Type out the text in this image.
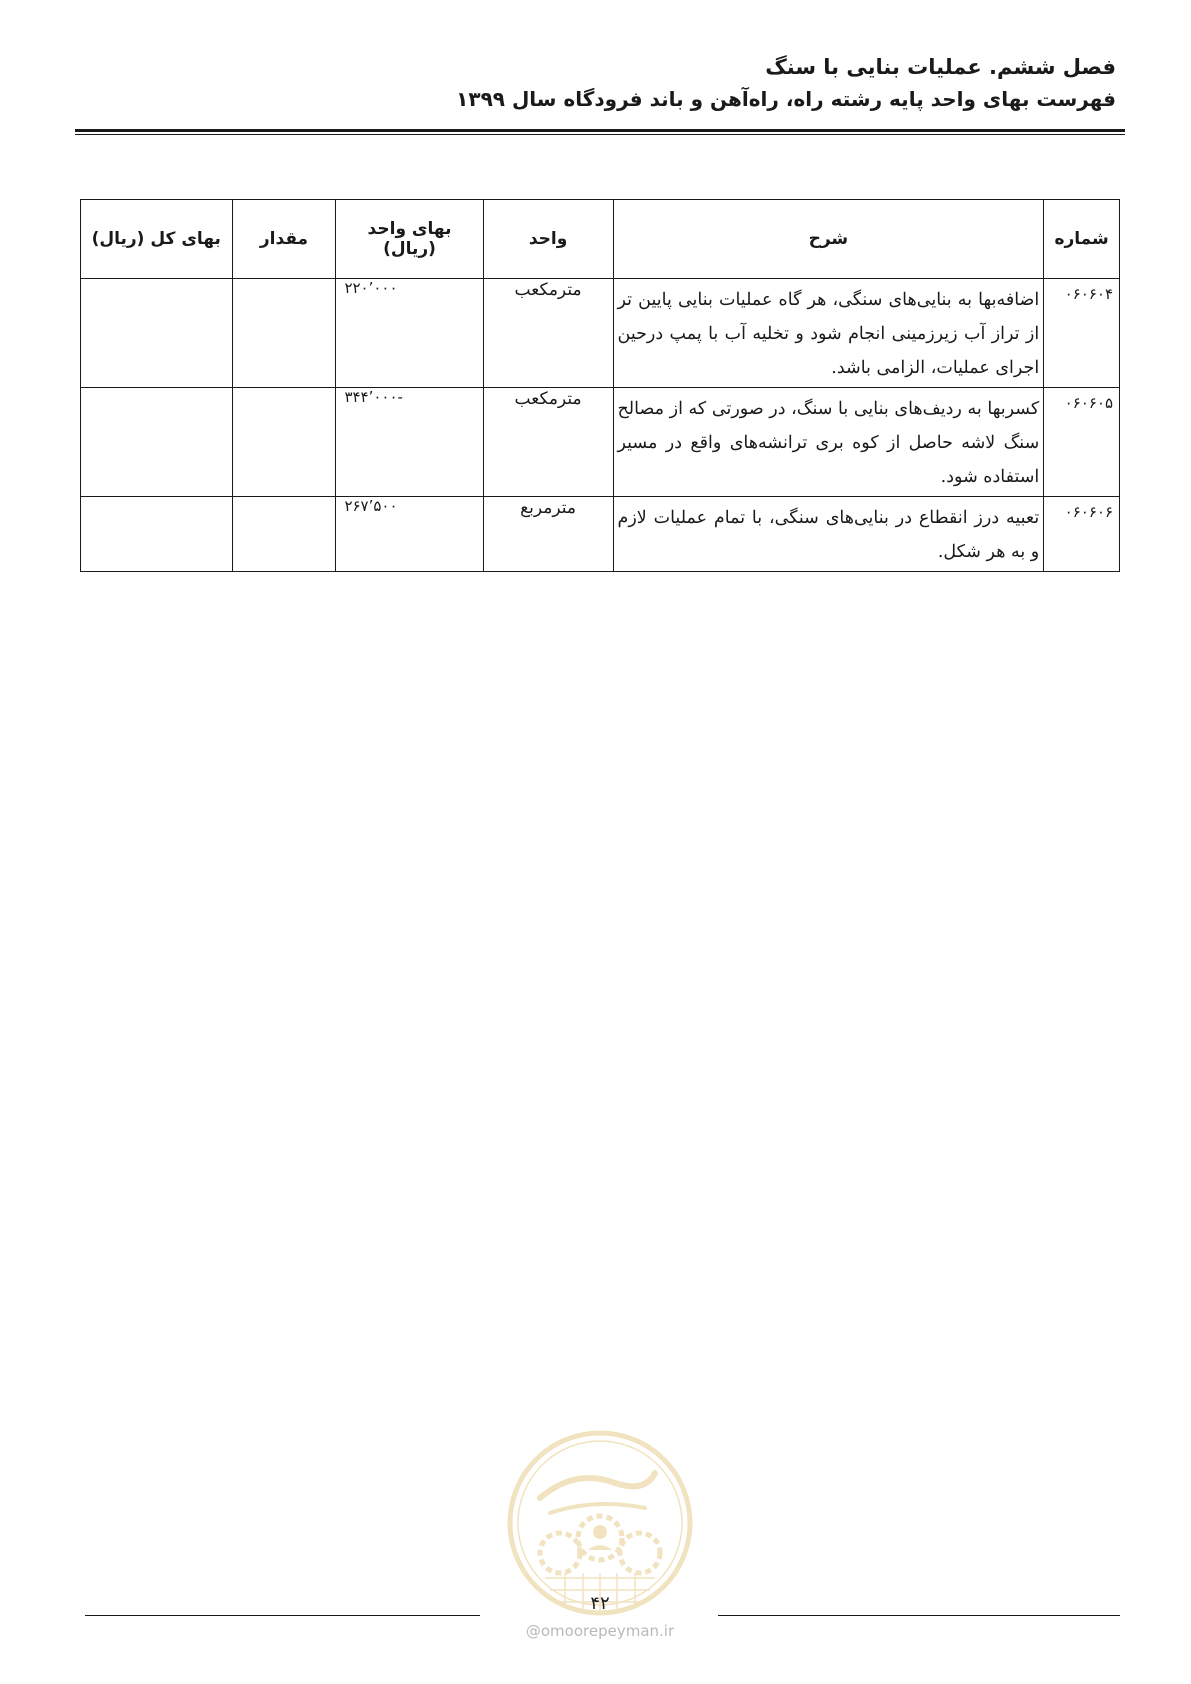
فصل ششم. عملیات بنایی با سنگ
فهرست بهای واحد پایه رشته راه، راه‌آهن و باند فرودگاه سال ۱۳۹۹
شماره	شرح	واحد	بهای واحد
(ریال)	مقدار	بهای کل (ریال)
۰۶۰۶۰۴	اضافه‌بها به بنایی‌های سنگی، هر گاه عملیات بنایی پایین تر از تراز آب زیرزمینی انجام شود و تخلیه آب با پمپ درحین اجرای عملیات، الزامی باشد.	مترمکعب	۲۲۰٬۰۰۰		
۰۶۰۶۰۵	کسربها به ردیف‌های بنایی با سنگ، در صورتی که از مصالح سنگ لاشه حاصل از کوه بری ترانشه‌های واقع در مسیر استفاده شود.	مترمکعب	-۳۴۴٬۰۰۰		
۰۶۰۶۰۶	تعبیه درز انقطاع در بنایی‌های سنگی، با تمام عملیات لازم و به هر شکل.	مترمربع	۲۶۷٬۵۰۰		
۴۲
@omoorepeyman.ir
